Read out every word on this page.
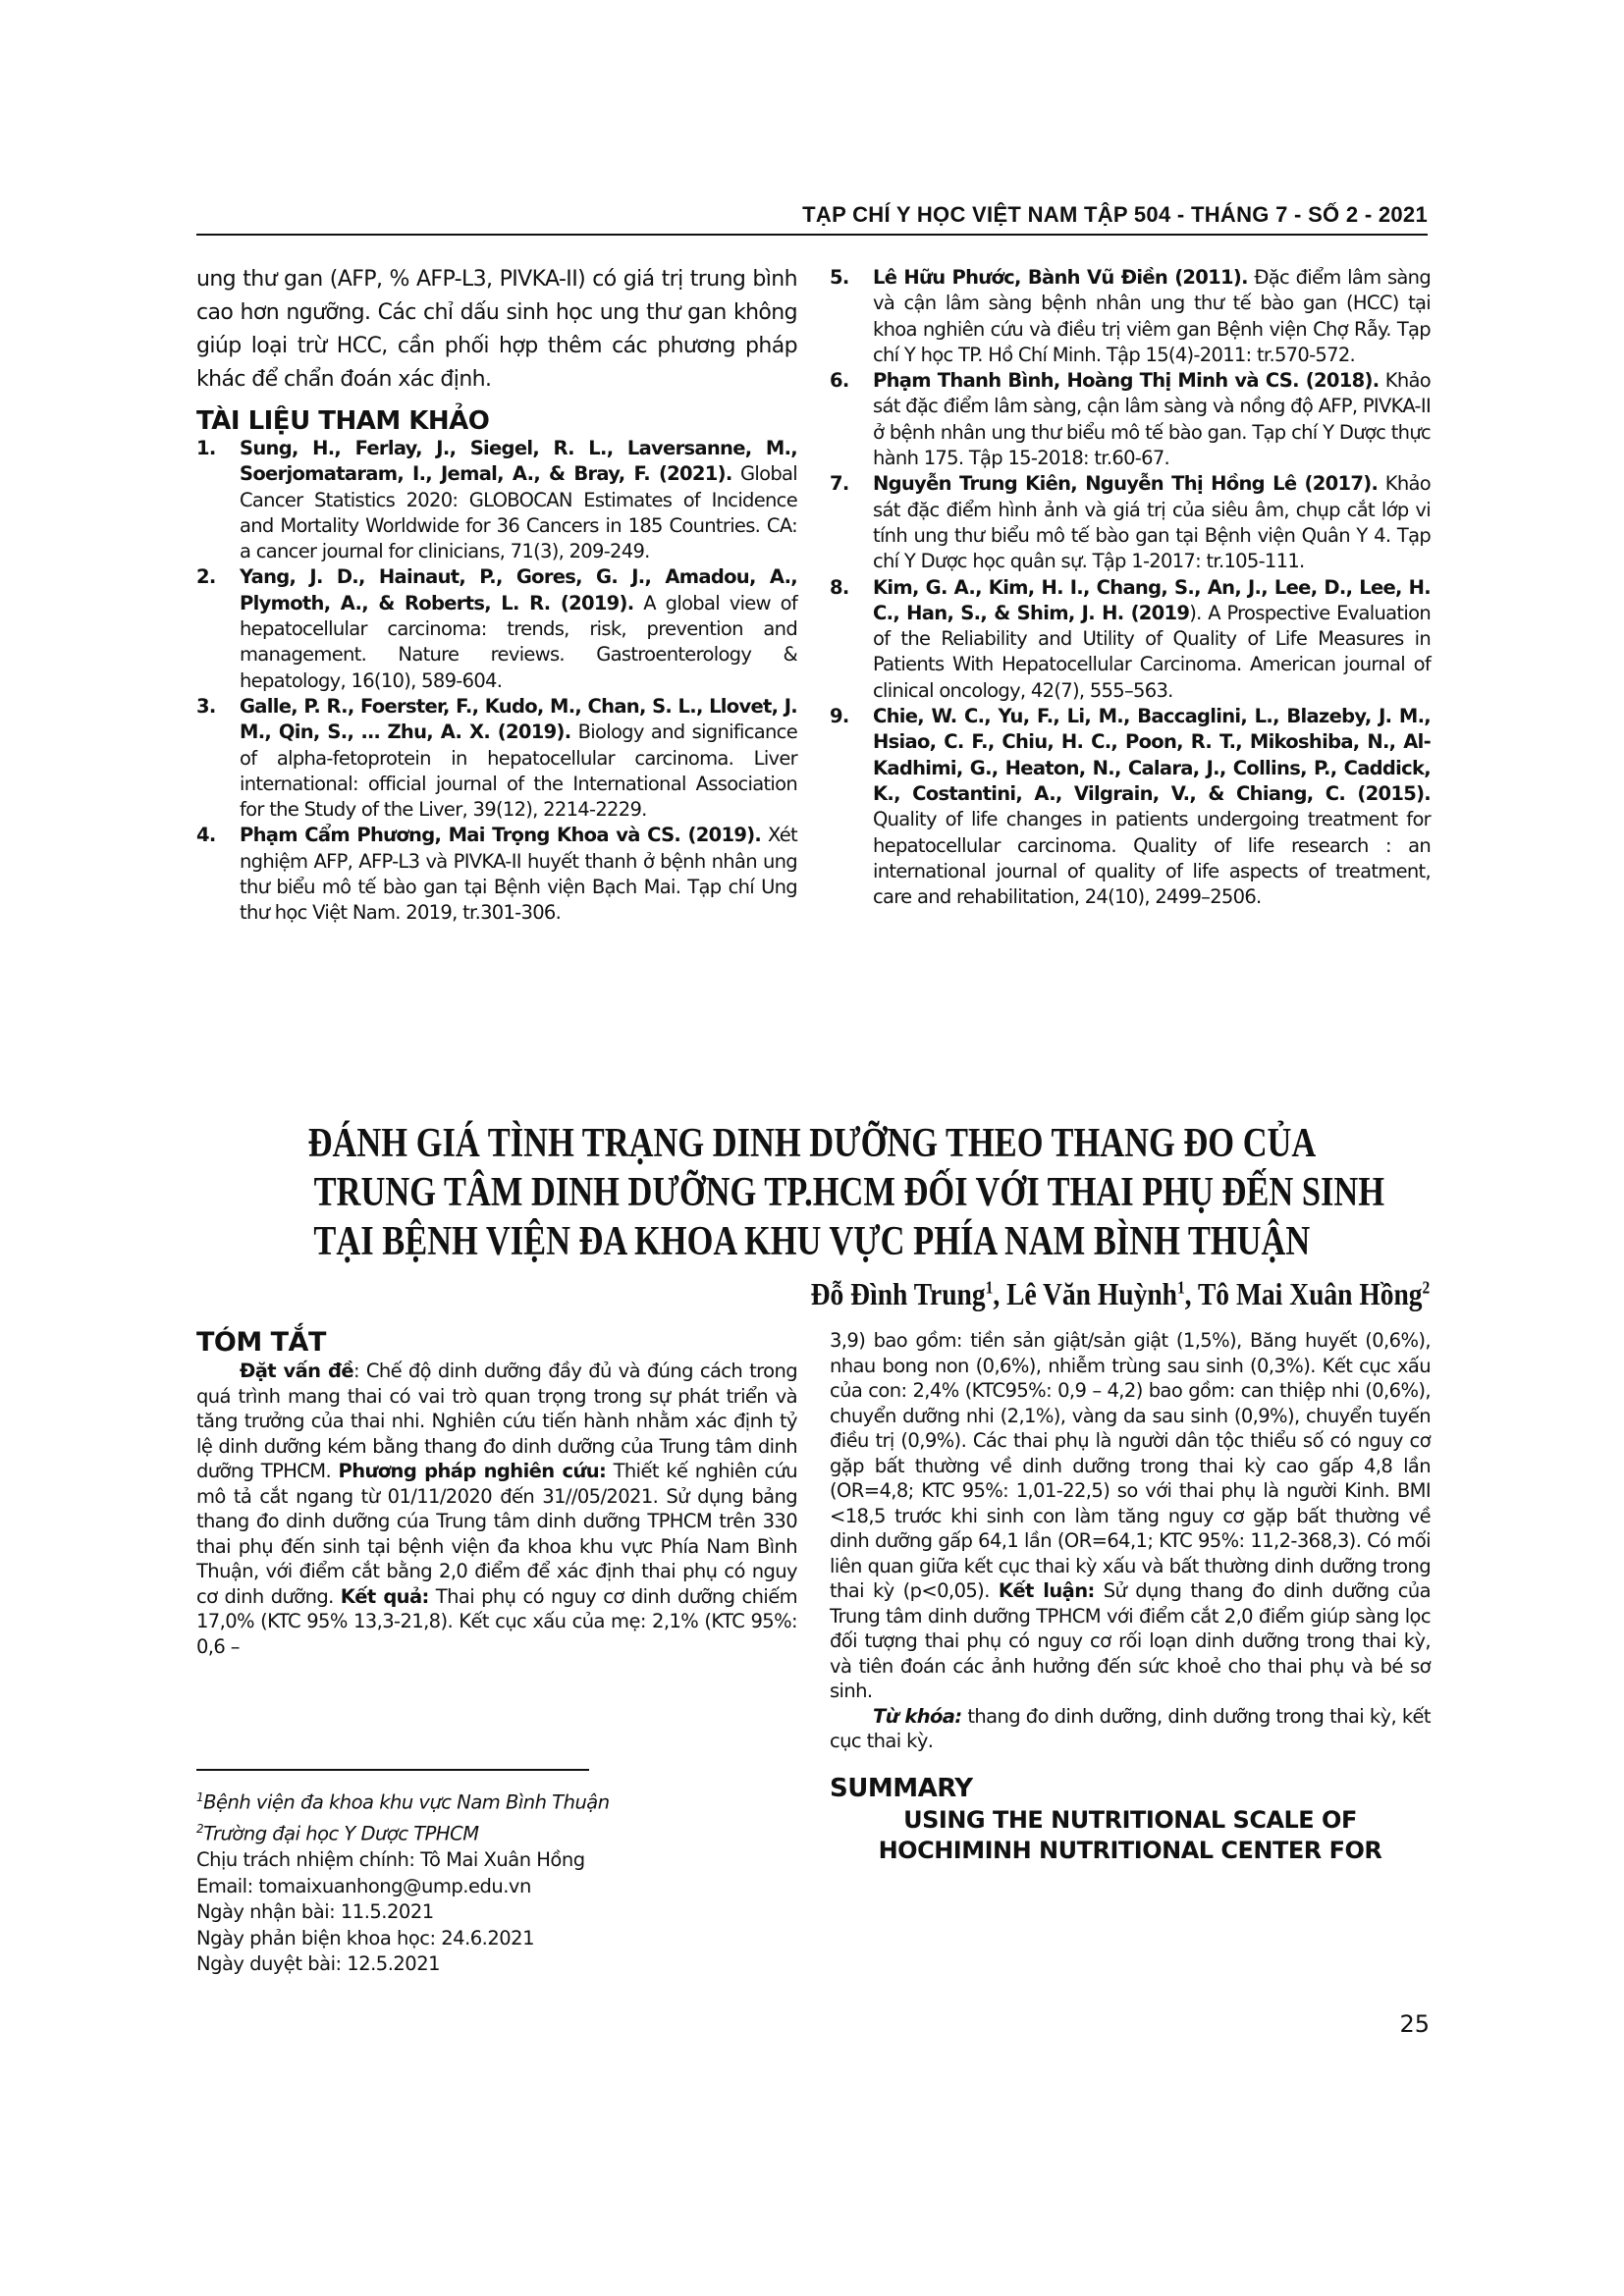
TẠP CHÍ Y HỌC VIỆT NAM TẬP 504 - THÁNG 7 - SỐ 2 - 2021

ung thư gan (AFP, % AFP-L3, PIVKA-II) có giá trị trung bình cao hơn ngưỡng. Các chỉ dấu sinh học ung thư gan không giúp loại trừ HCC, cần phối hợp thêm các phương pháp khác để chẩn đoán xác định.

TÀI LIỆU THAM KHẢO

1. Sung, H., Ferlay, J., Siegel, R. L., Laversanne, M., Soerjomataram, I., Jemal, A., & Bray, F. (2021). Global Cancer Statistics 2020: GLOBOCAN Estimates of Incidence and Mortality Worldwide for 36 Cancers in 185 Countries. CA: a cancer journal for clinicians, 71(3), 209-249.

2. Yang, J. D., Hainaut, P., Gores, G. J., Amadou, A., Plymoth, A., & Roberts, L. R. (2019). A global view of hepatocellular carcinoma: trends, risk, prevention and management. Nature reviews. Gastroenterology & hepatology, 16(10), 589-604.

3. Galle, P. R., Foerster, F., Kudo, M., Chan, S. L., Llovet, J. M., Qin, S., … Zhu, A. X. (2019). Biology and significance of alpha-fetoprotein in hepatocellular carcinoma. Liver international: official journal of the International Association for the Study of the Liver, 39(12), 2214-2229.

4. Phạm Cẩm Phương, Mai Trọng Khoa và CS. (2019). Xét nghiệm AFP, AFP-L3 và PIVKA-II huyết thanh ở bệnh nhân ung thư biểu mô tế bào gan tại Bệnh viện Bạch Mai. Tạp chí Ung thư học Việt Nam. 2019, tr.301-306.

5. Lê Hữu Phước, Bành Vũ Điền (2011). Đặc điểm lâm sàng và cận lâm sàng bệnh nhân ung thư tế bào gan (HCC) tại khoa nghiên cứu và điều trị viêm gan Bệnh viện Chợ Rẫy. Tạp chí Y học TP. Hồ Chí Minh. Tập 15(4)-2011: tr.570-572.

6. Phạm Thanh Bình, Hoàng Thị Minh và CS. (2018). Khảo sát đặc điểm lâm sàng, cận lâm sàng và nồng độ AFP, PIVKA-II ở bệnh nhân ung thư biểu mô tế bào gan. Tạp chí Y Dược thực hành 175. Tập 15-2018: tr.60-67.

7. Nguyễn Trung Kiên, Nguyễn Thị Hồng Lê (2017). Khảo sát đặc điểm hình ảnh và giá trị của siêu âm, chụp cắt lớp vi tính ung thư biểu mô tế bào gan tại Bệnh viện Quân Y 4. Tạp chí Y Dược học quân sự. Tập 1-2017: tr.105-111.

8. Kim, G. A., Kim, H. I., Chang, S., An, J., Lee, D., Lee, H. C., Han, S., & Shim, J. H. (2019). A Prospective Evaluation of the Reliability and Utility of Quality of Life Measures in Patients With Hepatocellular Carcinoma. American journal of clinical oncology, 42(7), 555–563.

9. Chie, W. C., Yu, F., Li, M., Baccaglini, L., Blazeby, J. M., Hsiao, C. F., Chiu, H. C., Poon, R. T., Mikoshiba, N., Al-Kadhimi, G., Heaton, N., Calara, J., Collins, P., Caddick, K., Costantini, A., Vilgrain, V., & Chiang, C. (2015). Quality of life changes in patients undergoing treatment for hepatocellular carcinoma. Quality of life research : an international journal of quality of life aspects of treatment, care and rehabilitation, 24(10), 2499–2506.

ĐÁNH GIÁ TÌNH TRẠNG DINH DƯỠNG THEO THANG ĐO CỦA
TRUNG TÂM DINH DƯỠNG TP.HCM ĐỐI VỚI THAI PHỤ ĐẾN SINH
TẠI BỆNH VIỆN ĐA KHOA KHU VỰC PHÍA NAM BÌNH THUẬN
Đỗ Đình Trung$^1$, Lê Văn Huỳnh$^1$, Tô Mai Xuân Hồng$^2$
TÓM TẮT

Đặt vấn đề: Chế độ dinh dưỡng đầy đủ và đúng cách trong quá trình mang thai có vai trò quan trọng trong sự phát triển và tăng trưởng của thai nhi. Nghiên cứu tiến hành nhằm xác định tỷ lệ dinh dưỡng kém bằng thang đo dinh dưỡng của Trung tâm dinh dưỡng TPHCM. Phương pháp nghiên cứu: Thiết kế nghiên cứu mô tả cắt ngang từ 01/11/2020 đến 31//05/2021. Sử dụng bảng thang đo dinh dưỡng cúa Trung tâm dinh dưỡng TPHCM trên 330 thai phụ đến sinh tại bệnh viện đa khoa khu vực Phía Nam Bình Thuận, với điểm cắt bằng 2,0 điểm để xác định thai phụ có nguy cơ dinh dưỡng. Kết quả: Thai phụ có nguy cơ dinh dưỡng chiếm 17,0% (KTC 95% 13,3-21,8). Kết cục xấu của mẹ: 2,1% (KTC 95%: 0,6 –

$^1$Bệnh viện đa khoa khu vực Nam Bình Thuận
$^2$Trường đại học Y Dược TPHCM
Chịu trách nhiệm chính: Tô Mai Xuân Hồng
Email: tomaixuanhong@ump.edu.vn
Ngày nhận bài: 11.5.2021
Ngày phản biện khoa học: 24.6.2021
Ngày duyệt bài: 12.5.2021

3,9) bao gồm: tiền sản giật/sản giật (1,5%), Băng huyết (0,6%), nhau bong non (0,6%), nhiễm trùng sau sinh (0,3%). Kết cục xấu của con: 2,4% (KTC95%: 0,9 – 4,2) bao gồm: can thiệp nhi (0,6%), chuyển dưỡng nhi (2,1%), vàng da sau sinh (0,9%), chuyển tuyến điều trị (0,9%). Các thai phụ là người dân tộc thiểu số có nguy cơ gặp bất thường về dinh dưỡng trong thai kỳ cao gấp 4,8 lần (OR=4,8; KTC 95%: 1,01-22,5) so với thai phụ là người Kinh. BMI <18,5 trước khi sinh con làm tăng nguy cơ gặp bất thường về dinh dưỡng gấp 64,1 lần (OR=64,1; KTC 95%: 11,2-368,3). Có mối liên quan giữa kết cục thai kỳ xấu và bất thường dinh dưỡng trong thai kỳ (p<0,05). Kết luận: Sử dụng thang đo dinh dưỡng của Trung tâm dinh dưỡng TPHCM với điểm cắt 2,0 điểm giúp sàng lọc đối tượng thai phụ có nguy cơ rối loạn dinh dưỡng trong thai kỳ, và tiên đoán các ảnh hưởng đến sức khoẻ cho thai phụ và bé sơ sinh.

Từ khóa: thang đo dinh dưỡng, dinh dưỡng trong thai kỳ, kết cục thai kỳ.

SUMMARY
USING THE NUTRITIONAL SCALE OF
HOCHIMINH NUTRITIONAL CENTER FOR
25
